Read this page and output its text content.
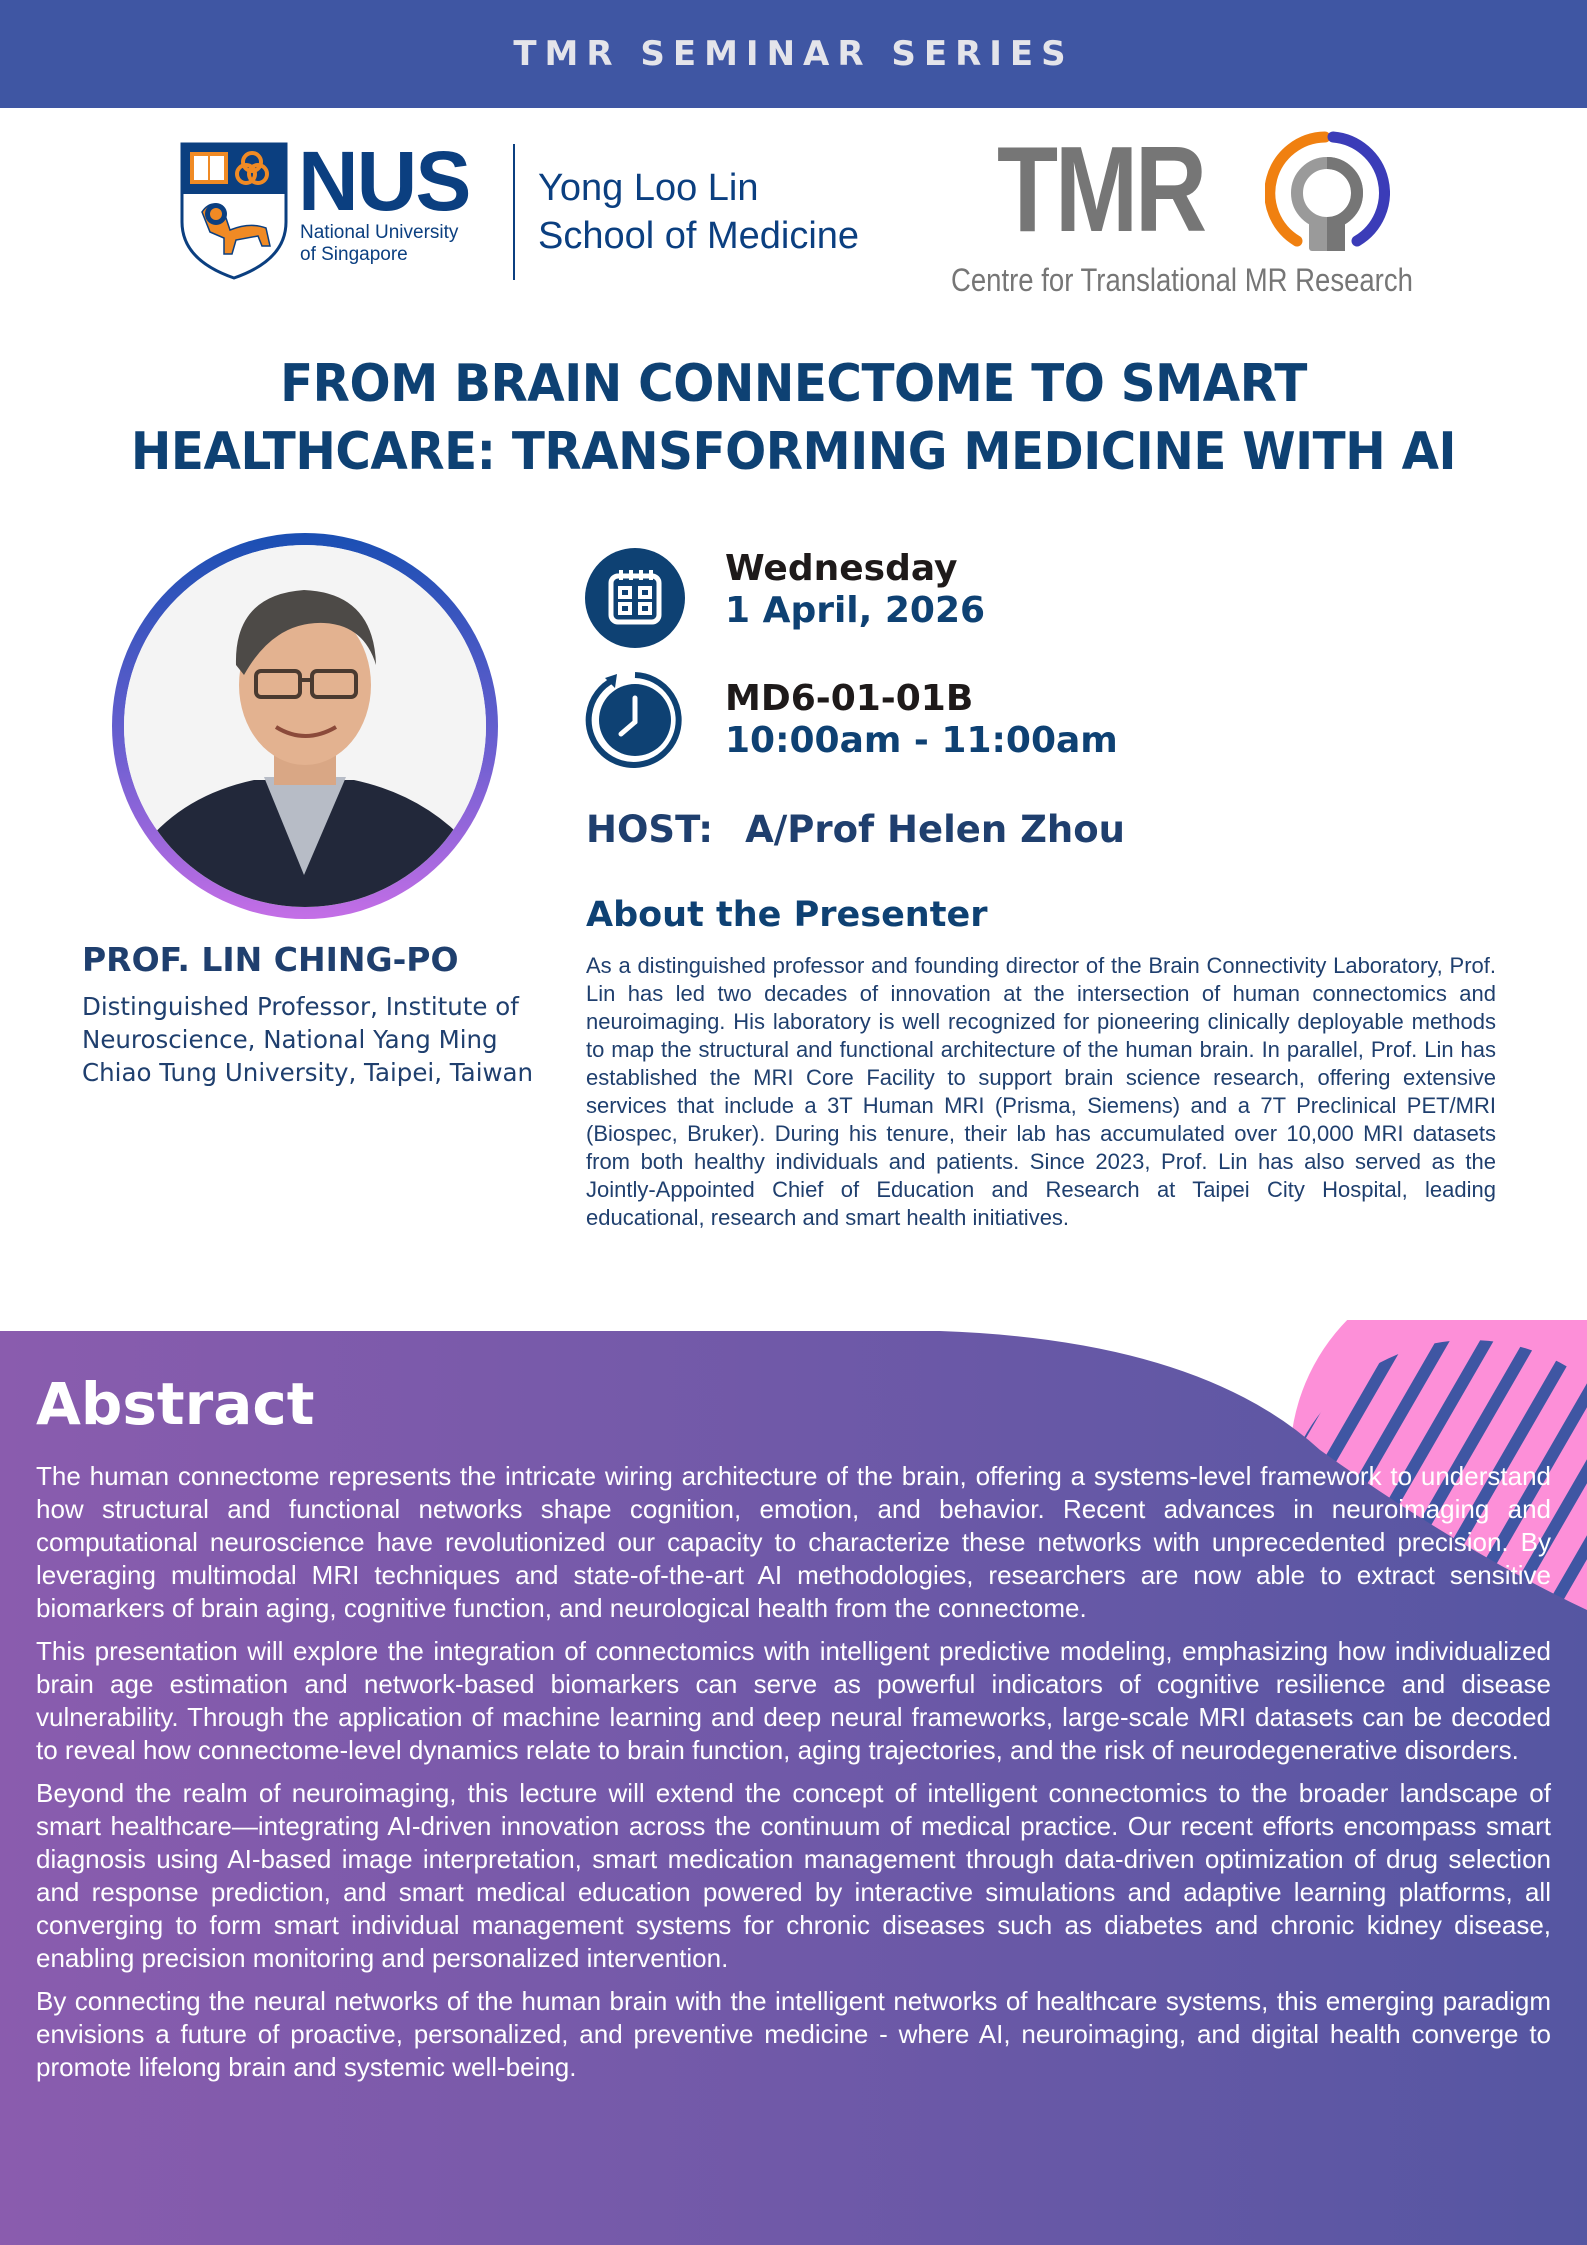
TMR SEMINAR SERIES
NUS
National University
of Singapore
Yong Loo Lin
School of Medicine TMR
Centre for Translational MR Research
FROM BRAIN CONNECTOME TO SMART
HEALTHCARE: TRANSFORMING MEDICINE WITH AI
PROF. LIN CHING-PO
Distinguished Professor, Institute of Neuroscience, National Yang Ming Chiao Tung University, Taipei, Taiwan
Wednesday
1 April, 2026
MD6-01-01B
10:00am - 11:00am
HOST: A/Prof Helen Zhou
About the Presenter
As a distinguished professor and founding director of the Brain Connectivity Laboratory, Prof. Lin has led two decades of innovation at the intersection of human connectomics and neuroimaging. His laboratory is well recognized for pioneering clinically deployable methods to map the structural and functional architecture of the human brain. In parallel, Prof. Lin has established the MRI Core Facility to support brain science research, offering extensive services that include a 3T Human MRI (Prisma, Siemens) and a 7T Preclinical PET/MRI (Biospec, Bruker). During his tenure, their lab has accumulated over 10,000 MRI datasets from both healthy individuals and patients. Since 2023, Prof. Lin has also served as the Jointly-Appointed Chief of Education and Research at Taipei City Hospital, leading educational, research and smart health initiatives.
Abstract

The human connectome represents the intricate wiring architecture of the brain, offering a systems-level framework to understand how structural and functional networks shape cognition, emotion, and behavior. Recent advances in neuroimaging and computational neuroscience have revolutionized our capacity to characterize these networks with unprecedented precision. By leveraging multimodal MRI techniques and state-of-the-art AI methodologies, researchers are now able to extract sensitive biomarkers of brain aging, cognitive function, and neurological health from the connectome.

This presentation will explore the integration of connectomics with intelligent predictive modeling, emphasizing how individualized brain age estimation and network-based biomarkers can serve as powerful indicators of cognitive resilience and disease vulnerability. Through the application of machine learning and deep neural frameworks, large-scale MRI datasets can be decoded to reveal how connectome-level dynamics relate to brain function, aging trajectories, and the risk of neurodegenerative disorders.

Beyond the realm of neuroimaging, this lecture will extend the concept of intelligent connectomics to the broader landscape of smart healthcare—integrating AI-driven innovation across the continuum of medical practice. Our recent efforts encompass smart diagnosis using AI-based image interpretation, smart medication management through data-driven optimization of drug selection and response prediction, and smart medical education powered by interactive simulations and adaptive learning platforms, all converging to form smart individual management systems for chronic diseases such as diabetes and chronic kidney disease, enabling precision monitoring and personalized intervention.

By connecting the neural networks of the human brain with the intelligent networks of healthcare systems, this emerging paradigm envisions a future of proactive, personalized, and preventive medicine - where AI, neuroimaging, and digital health converge to promote lifelong brain and systemic well-being.
